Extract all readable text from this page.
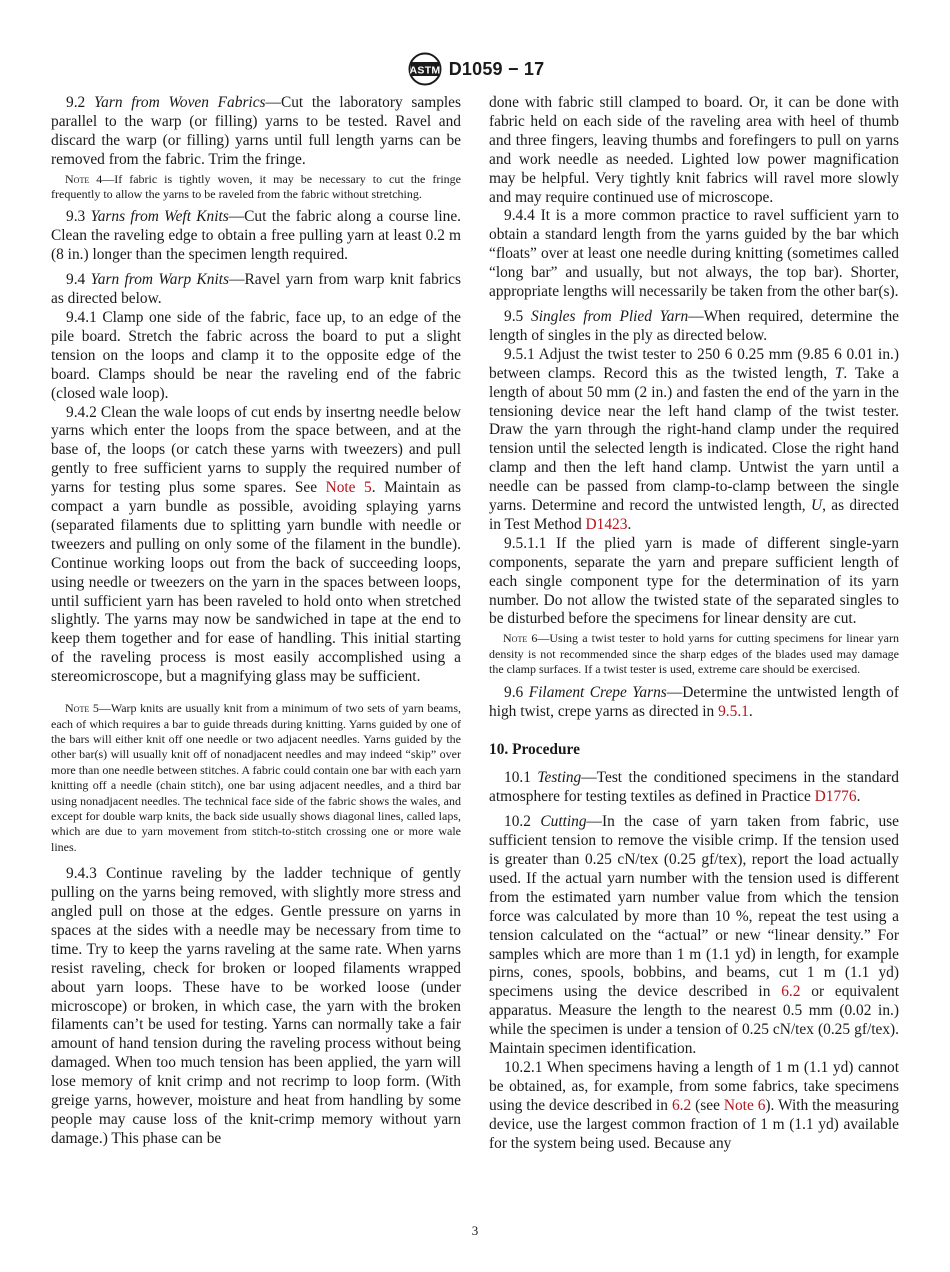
ASTM D1059 − 17

9.2 Yarn from Woven Fabrics—Cut the laboratory samples parallel to the warp (or filling) yarns to be tested. Ravel and discard the warp (or filling) yarns until full length yarns can be removed from the fabric. Trim the fringe.

Note 4—If fabric is tightly woven, it may be necessary to cut the fringe frequently to allow the yarns to be raveled from the fabric without stretching.

9.3 Yarns from Weft Knits—Cut the fabric along a course line. Clean the raveling edge to obtain a free pulling yarn at least 0.2 m (8 in.) longer than the specimen length required.

9.4 Yarn from Warp Knits—Ravel yarn from warp knit fabrics as directed below.

9.4.1 Clamp one side of the fabric, face up, to an edge of the pile board. Stretch the fabric across the board to put a slight tension on the loops and clamp it to the opposite edge of the board. Clamps should be near the raveling end of the fabric (closed wale loop).

9.4.2 Clean the wale loops of cut ends by insertng needle below yarns which enter the loops from the space between, and at the base of, the loops (or catch these yarns with tweezers) and pull gently to free sufficient yarns to supply the required number of yarns for testing plus some spares. See Note 5. Maintain as compact a yarn bundle as possible, avoiding splaying yarns (separated filaments due to splitting yarn bundle with needle or tweezers and pulling on only some of the filament in the bundle). Continue working loops out from the back of succeeding loops, using needle or tweezers on the yarn in the spaces between loops, until sufficient yarn has been raveled to hold onto when stretched slightly. The yarns may now be sandwiched in tape at the end to keep them together and for ease of handling. This initial starting of the raveling process is most easily accomplished using a stereomicroscope, but a magnifying glass may be sufficient.

Note 5—Warp knits are usually knit from a minimum of two sets of yarn beams, each of which requires a bar to guide threads during knitting. Yarns guided by one of the bars will either knit off one needle or two adjacent needles. Yarns guided by the other bar(s) will usually knit off of nonadjacent needles and may indeed “skip” over more than one needle between stitches. A fabric could contain one bar with each yarn knitting off a needle (chain stitch), one bar using adjacent needles, and a third bar using nonadjacent needles. The technical face side of the fabric shows the wales, and except for double warp knits, the back side usually shows diagonal lines, called laps, which are due to yarn movement from stitch-to-stitch crossing one or more wale lines.

9.4.3 Continue raveling by the ladder technique of gently pulling on the yarns being removed, with slightly more stress and angled pull on those at the edges. Gentle pressure on yarns in spaces at the sides with a needle may be necessary from time to time. Try to keep the yarns raveling at the same rate. When yarns resist raveling, check for broken or looped filaments wrapped about yarn loops. These have to be worked loose (under microscope) or broken, in which case, the yarn with the broken filaments can’t be used for testing. Yarns can normally take a fair amount of hand tension during the raveling process without being damaged. When too much tension has been applied, the yarn will lose memory of knit crimp and not recrimp to loop form. (With greige yarns, however, moisture and heat from handling by some people may cause loss of the knit-crimp memory without yarn damage.) This phase can be

done with fabric still clamped to board. Or, it can be done with fabric held on each side of the raveling area with heel of thumb and three fingers, leaving thumbs and forefingers to pull on yarns and work needle as needed. Lighted low power magnification may be helpful. Very tightly knit fabrics will ravel more slowly and may require continued use of microscope.

9.4.4 It is a more common practice to ravel sufficient yarn to obtain a standard length from the yarns guided by the bar which “floats” over at least one needle during knitting (sometimes called “long bar” and usually, but not always, the top bar). Shorter, appropriate lengths will necessarily be taken from the other bar(s).

9.5 Singles from Plied Yarn—When required, determine the length of singles in the ply as directed below.

9.5.1 Adjust the twist tester to 250 6 0.25 mm (9.85 6 0.01 in.) between clamps. Record this as the twisted length, T. Take a length of about 50 mm (2 in.) and fasten the end of the yarn in the tensioning device near the left hand clamp of the twist tester. Draw the yarn through the right-hand clamp under the required tension until the selected length is indicated. Close the right hand clamp and then the left hand clamp. Untwist the yarn until a needle can be passed from clamp-to-clamp between the single yarns. Determine and record the untwisted length, U, as directed in Test Method D1423.

9.5.1.1 If the plied yarn is made of different single-yarn components, separate the yarn and prepare sufficient length of each single component type for the determination of its yarn number. Do not allow the twisted state of the separated singles to be disturbed before the specimens for linear density are cut.

Note 6—Using a twist tester to hold yarns for cutting specimens for linear yarn density is not recommended since the sharp edges of the blades used may damage the clamp surfaces. If a twist tester is used, extreme care should be exercised.

9.6 Filament Crepe Yarns—Determine the untwisted length of high twist, crepe yarns as directed in 9.5.1.

10. Procedure

10.1 Testing—Test the conditioned specimens in the standard atmosphere for testing textiles as defined in Practice D1776.

10.2 Cutting—In the case of yarn taken from fabric, use sufficient tension to remove the visible crimp. If the tension used is greater than 0.25 cN/tex (0.25 gf/tex), report the load actually used. If the actual yarn number with the tension used is different from the estimated yarn number value from which the tension force was calculated by more than 10 %, repeat the test using a tension calculated on the “actual” or new “linear density.” For samples which are more than 1 m (1.1 yd) in length, for example pirns, cones, spools, bobbins, and beams, cut 1 m (1.1 yd) specimens using the device described in 6.2 or equivalent apparatus. Measure the length to the nearest 0.5 mm (0.02 in.) while the specimen is under a tension of 0.25 cN/tex (0.25 gf/tex). Maintain specimen identification.

10.2.1 When specimens having a length of 1 m (1.1 yd) cannot be obtained, as, for example, from some fabrics, take specimens using the device described in 6.2 (see Note 6). With the measuring device, use the largest common fraction of 1 m (1.1 yd) available for the system being used. Because any

3
